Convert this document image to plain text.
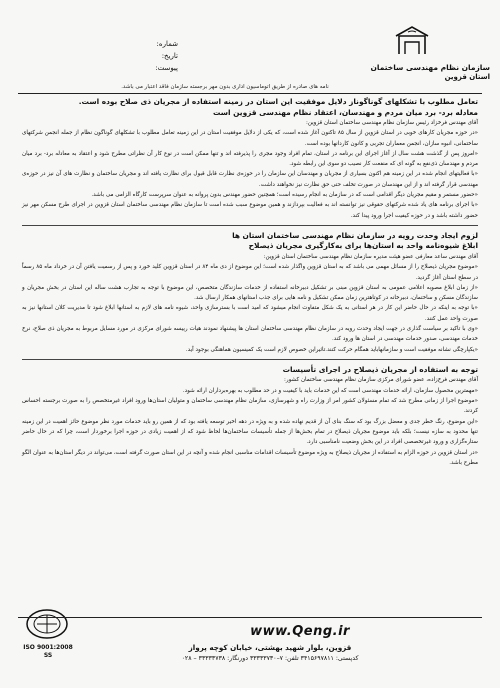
سازمان نظام مهندسی ساختمان
استان قزوین
شماره:
تاریخ:
پیوست:
نامه های صادره از طریق اتوماسیون اداری بدون مهر برجسته سازمان فاقد اعتبار می باشد.
تعامل مطلوب با تشکلهای گوناگوناز دلایل موفقیت این استان در زمینه استفاده از مجریان ذی صلاح بوده است.
معادله برد- برد میان مردم و مهندسان، اعتقاد نظام مهندسی قزوین است
آقای مهندس فرخزاد رئیس سازمان نظام مهندسی ساختمان استان قزوین:
«در حوزه مجریان کارهای خوبی در استان قزوین از سال ۸۵ تاکنون آغاز شده است، که یکی از دلایل موفقیت استان در این زمینه تعامل مطلوب با تشکلهای گوناگون نظام از جمله انجمن شرکتهای ساختمانی، انبوه سازان، انجمن معماران تجربی و کانون کاردانها بوده است.
«امروز پس از گذشت هشت سال از آغاز اجرای این برنامه در استان، تمام افراد وجود مجری را پذیرفته اند و تنها ممکن است در نوع کار آن نظراتی مطرح شود و اعتقاد به معادله برد- برد میان مردم و مهندسان ذی‌نفع به گونه ای که منفعت کار نصیب دو سوی این رابطه شود.
«با فعالیتهای انجام شده در این زمینه هم اکنون بسیاری از مجریان و مهندسان این سازمان را در حوزه‌ی نظارت قابل قبول برای نظارت یافته اند و مجریان ساختمان و نظارت های آن نیز در حوزه‌ی مهندسی قرار گرفته اند و از این مهندسان در صورت تخلف حتی حق نظارت نیز نخواهند داشت.
«حضور مستمر و مقیم مجریان دیگر اقدامی است که در سازمان به انجام رسیده است؛ همچنین حضور مهندس بدون پروانه به عنوان سرپرست کارگاه الزامی می باشد.
«با اجرای برنامه های یاد شده شرکتهای حقوقی نیز توانسته اند به فعالیت بپردازند و همین موضوع سبب شده است تا سازمان نظام مهندسی ساختمان استان قزوین در اجرای طرح مسکن مهر نیز حضور داشته باشد و در حوزه کیفیت اجرا ورود پیدا کند.
لزوم ایجاد وحدت رویه در سازمان نظام مهندسی ساختمان استان ها
ابلاغ شیوه‌نامه واحد به استان‌ها برای به‌کارگیری مجریان ذیصلاح
آقای مهندس ساعد معارفی عضو هیئت مدیره سازمان نظام مهندسی ساختمان استان قزوین:
«موضوع مجریان ذیصلاح را از مسائل مهمی می باشد که به استان قزوین واگذار شده است؛ این موضوع از دی ماه ۸۴ در استان قزوین کلید خورد و پس از رسمیت یافتن آن در خرداد ماه ۸۵ رسماً در سطح استان آغاز گردید.
«از زمان ابلاغ مصوبه اعلامی عمومی به استان قزوین مبنی بر تشکیل دبیرخانه استفاده از خدمات سازندگان متخصص، این موضوع با توجه به تجارب هشت ساله این استان در بخش مجریان و سازندگان مسکن و ساختمان، دبیرخانه در کوتاهترین زمان ممکن تشکیل و نامه هایی برای جذب استانهای همکار ارسال شد.
«با توجه به اینکه در حال حاضر این کار در هر استانی به یک شکل متفاوت انجام میشود که امید است با بسترسازی واحد، شیوه نامه های لازم به استانها ابلاغ شود تا مدیریت کلان استانها نیز به صورت واحد عمل کنند.
«وی با تاکید بر سیاست گذاری در جهت ایجاد وحدت رویه در سازمان نظام مهندسی ساختمان استان ها پیشنهاد نمودند هیات رییسه شورای مرکزی در مورد مسایل مربوط به مجریان ذی صلاح، نرخ خدمات مهندسی، صدور خدمات مهندسی در استان ها ورود کند.
«یکپارچگی نشانه موفقیت است و سازمانهاباید همگام حرکت کنند.تاثیراین خصوص لازم است یک کمیسیون هماهنگی بوجود آید.
توجه به استفاده از مجریان ذیصلاح در اجرای تأسیسات
آقای مهندس فرخ‌زاده، عضو شورای مرکزی سازمان نظام مهندسی ساختمان کشور:
«مهمترین محصول سازمان، ارائه خدمات مهندسی است که این خدمات باید با کیفیت و در حد مطلوب به بهره‌برداران ارائه شود.
«موضوع اجرا از زمانی مطرح شد که تمام مسئولان کشور امر از وزارت راه و شهرسازی، سازمان نظام مهندسی ساختمان و متولیان استان‌ها ورود افراد غیرمتخصص را به صورت برجسته احساس کردند.
«این موضوع، رنگ خطر جدی و معضل بزرگ بود که سنگ بنای آن از قدیم نهاده شده و به ویژه در دهه اخیر توسعه یافته بود که از همین رو باید خدمات مورد نظر موضوع حائز اهمیت در این زمینه تنها محدود به سازه نیست؛ بلکه باید موضوع مجریان ذیصلاح در تمام بخش‌ها از جمله تأسیسات ساختمان‌ها لحاظ شود که از اهمیت زیادی در حوزه اجرا برخوردار است، چرا که در حال حاضر ستاره‌گزاری و ورود غیرتخصصی افراد در این بخش وضعیت نامناسبی دارد.
«در استان قزوین در حوزه الزام به استفاده از مجریان ذیصلاح به ویژه موضوع تأسیسات اقدامات مناسبی انجام شده و آنچه در این استان صورت گرفته است، می‌تواند در دیگر استان‌ها به عنوان الگو مطرح باشد.
ISO 9001:2008
SS
www.Qeng.ir
قزوین، بلوار شهید بهشتی، خیابان کوچه پرواز
کدپستی: ۳۴۱۵۶۹۷۸۱۱ تلفن: ۷–۳۳۳۳۳۷۳۰ دورنگار: ۳۳۳۳۳۷۳۸ – ۰۲۸
